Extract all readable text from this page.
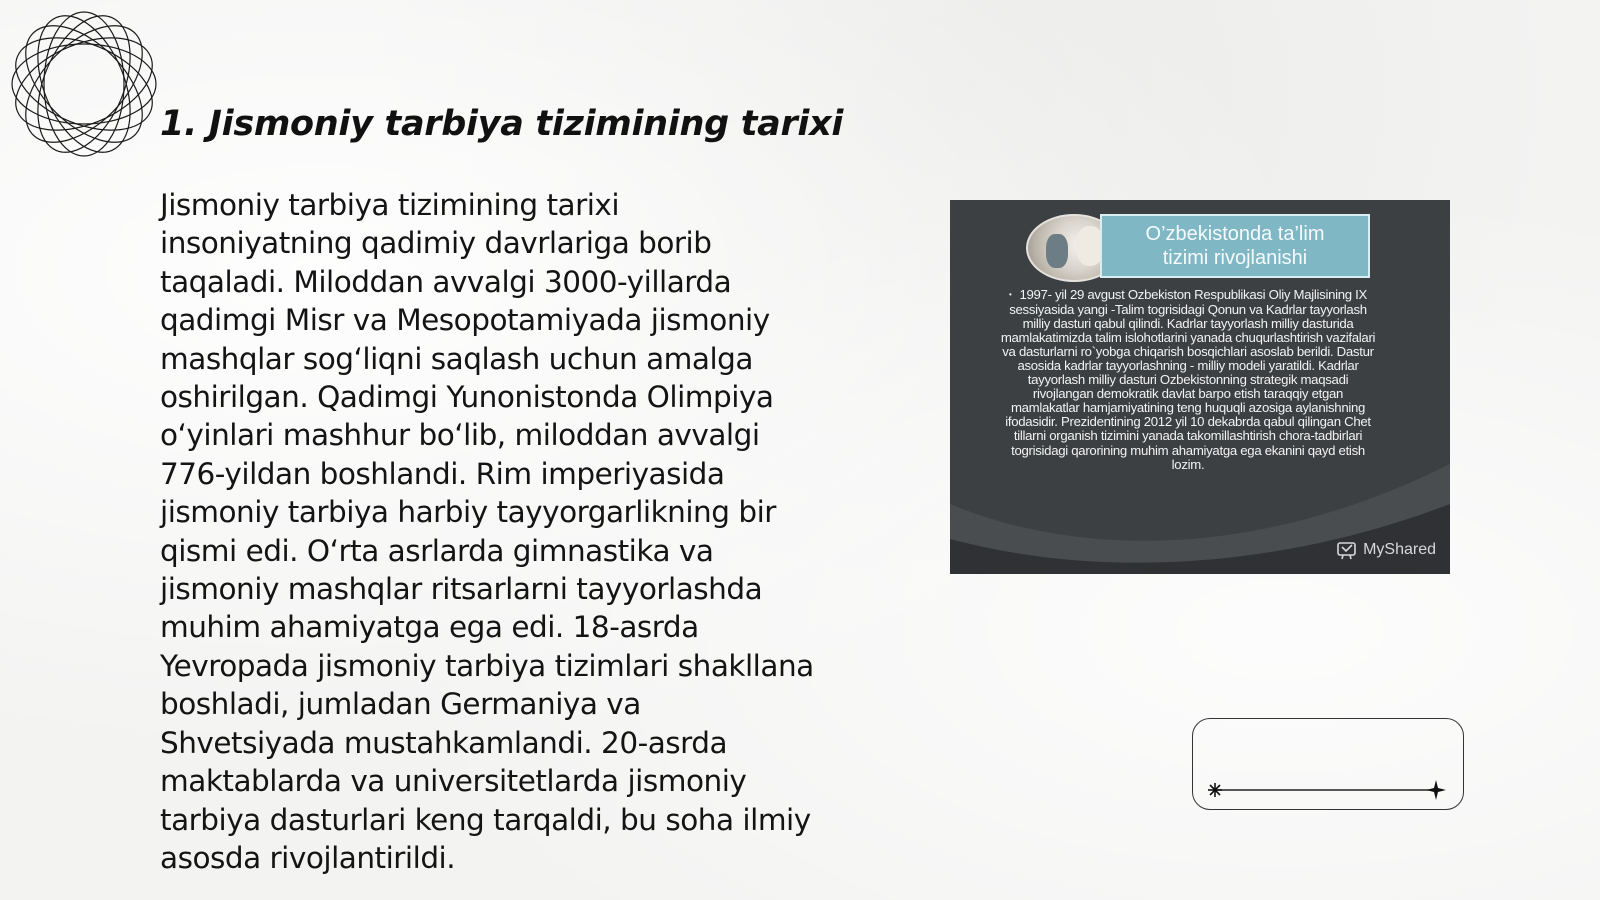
1. Jismoniy tarbiya tizimining tarixi

Jismoniy tarbiya tizimining tarixi insoniyatning qadimiy davrlariga borib taqaladi. Miloddan avvalgi 3000-yillarda qadimgi Misr va Mesopotamiyada jismoniy mashqlar sog‘liqni saqlash uchun amalga oshirilgan. Qadimgi Yunonistonda Olimpiya o‘yinlari mashhur bo‘lib, miloddan avvalgi 776-yildan boshlandi. Rim imperiyasida jismoniy tarbiya harbiy tayyorgarlikning bir qismi edi. O‘rta asrlarda gimnastika va jismoniy mashqlar ritsarlarni tayyorlashda muhim ahamiyatga ega edi. 18-asrda Yevropada jismoniy tarbiya tizimlari shakllana boshladi, jumladan Germaniya va Shvetsiyada mustahkamlandi. 20-asrda maktablarda va universitetlarda jismoniy tarbiya dasturlari keng tarqaldi, bu soha ilmiy asosda rivojlantirildi.

O’zbekistonda ta’lim
tizimi rivojlanishi
• 1997- yil 29 avgust Ozbekiston Respublikasi Oliy Majlisining IX sessiyasida yangi -Talim togrisidagi Qonun va Kadrlar tayyorlash milliy dasturi qabul qilindi. Kadrlar tayyorlash milliy dasturida mamlakatimizda talim islohotlarini yanada chuqurlashtirish vazifalari va dasturlarni ro`yobga chiqarish bosqichlari asoslab berildi. Dastur asosida kadrlar tayyorlashning - milliy modeli yaratildi. Kadrlar tayyorlash milliy dasturi Ozbekistonning strategik maqsadi rivojlangan demokratik davlat barpo etish taraqqiy etgan mamlakatlar hamjamiyatining teng huquqli azosiga aylanishning ifodasidir. Prezidentining 2012 yil 10 dekabrda qabul qilingan Chet tillarni organish tizimini yanada takomillashtirish chora-tadbirlari togrisidagi qarorining muhim ahamiyatga ega ekanini qayd etish lozim.
MyShared
